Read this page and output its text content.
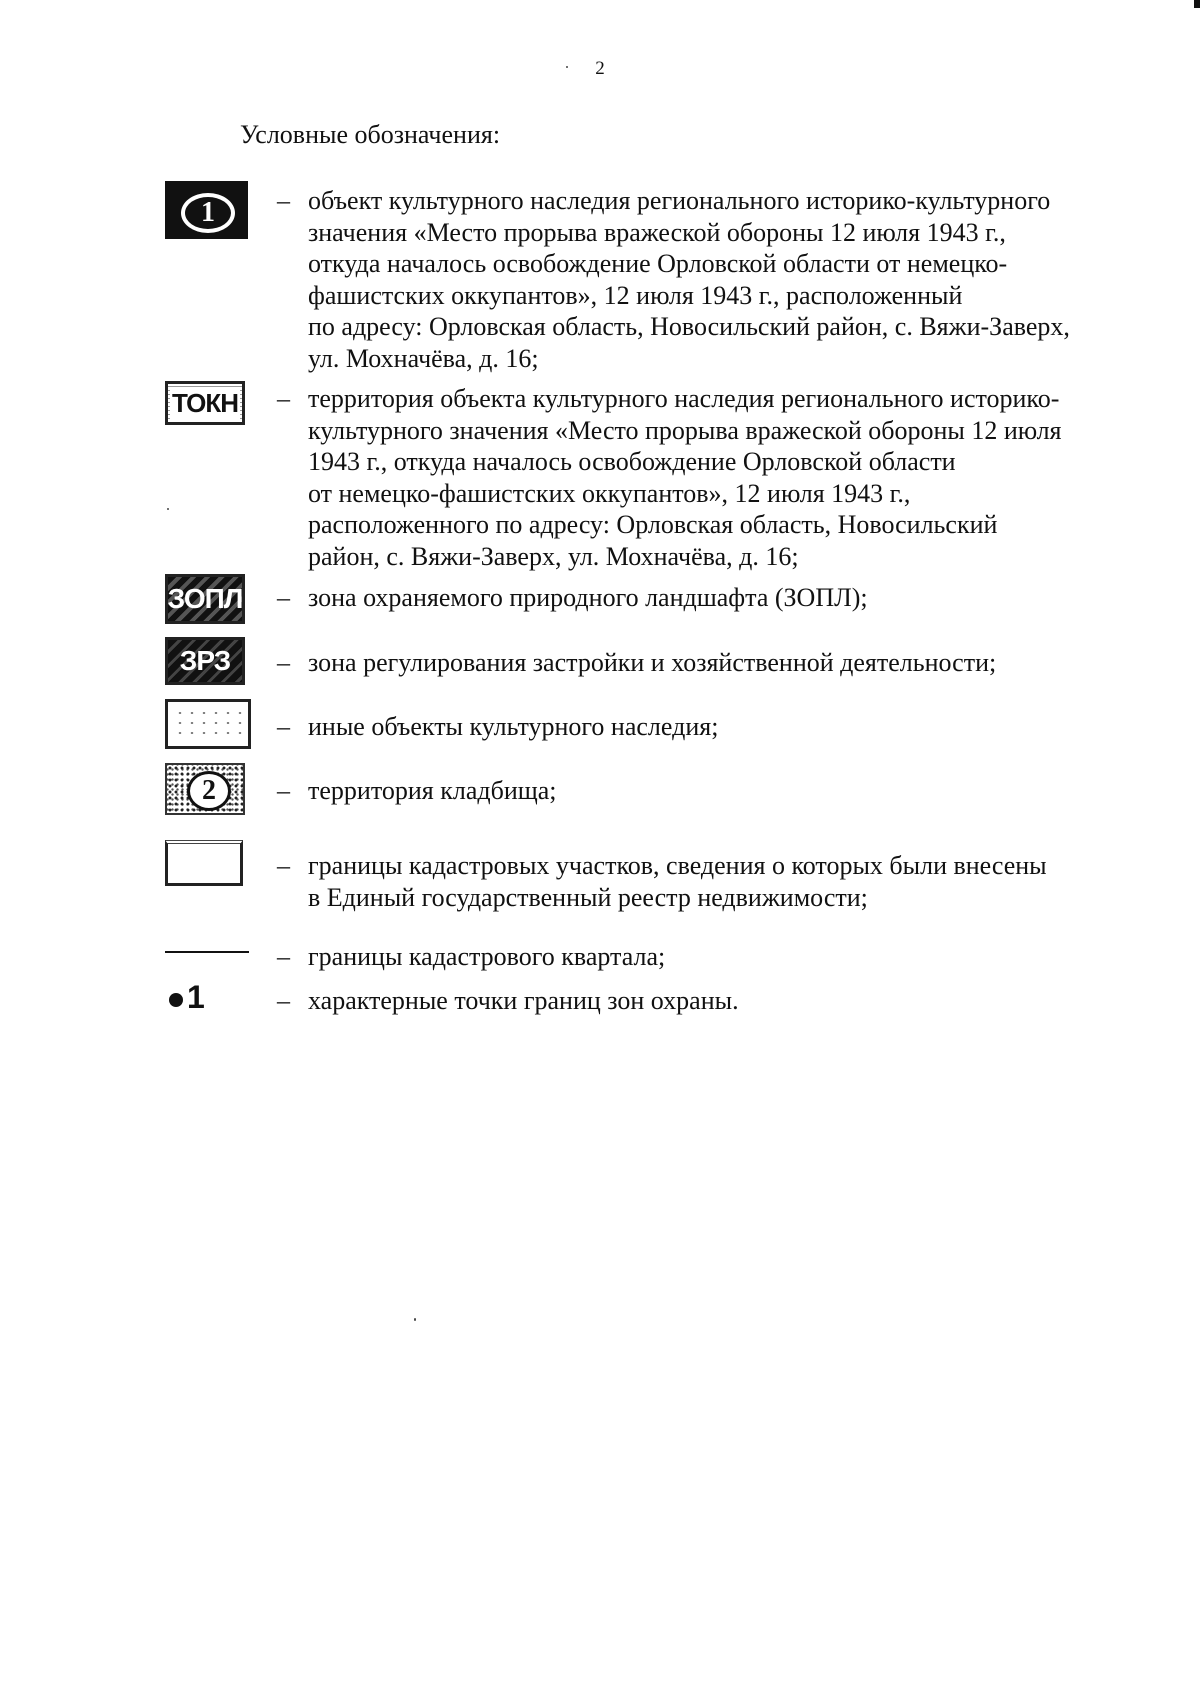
2
Условные обозначения:
1	– объект культурного наследия регионального историко-культурного
значения «Место прорыва вражеской обороны 12 июля 1943 г.,
откуда началось освобождение Орловской области от немецко-
фашистских оккупантов», 12 июля 1943 г., расположенный
по адресу: Орловская область, Новосильский район, с. Вяжи-Заверх,
ул. Мохначёва, д. 16;
ТОКН – территория объекта культурного наследия регионального историко-
культурного значения «Место прорыва вражеской обороны 12 июля
1943 г., откуда началось освобождение Орловской области
от немецко-фашистских оккупантов», 12 июля 1943 г.,
расположенного по адресу: Орловская область, Новосильский
район, с. Вяжи-Заверх, ул. Мохначёва, д. 16;
ЗОПЛ – зона охраняемого природного ландшафта (ЗОПЛ);
ЗРЗ – зона регулирования застройки и хозяйственной деятельности;
– иные объекты культурного наследия;
2	– территория кладбища;
– границы кадастровых участков, сведения о которых были внесены
в Единый государственный реестр недвижимости;
– границы кадастрового квартала;
1	– характерные точки границ зон охраны.
